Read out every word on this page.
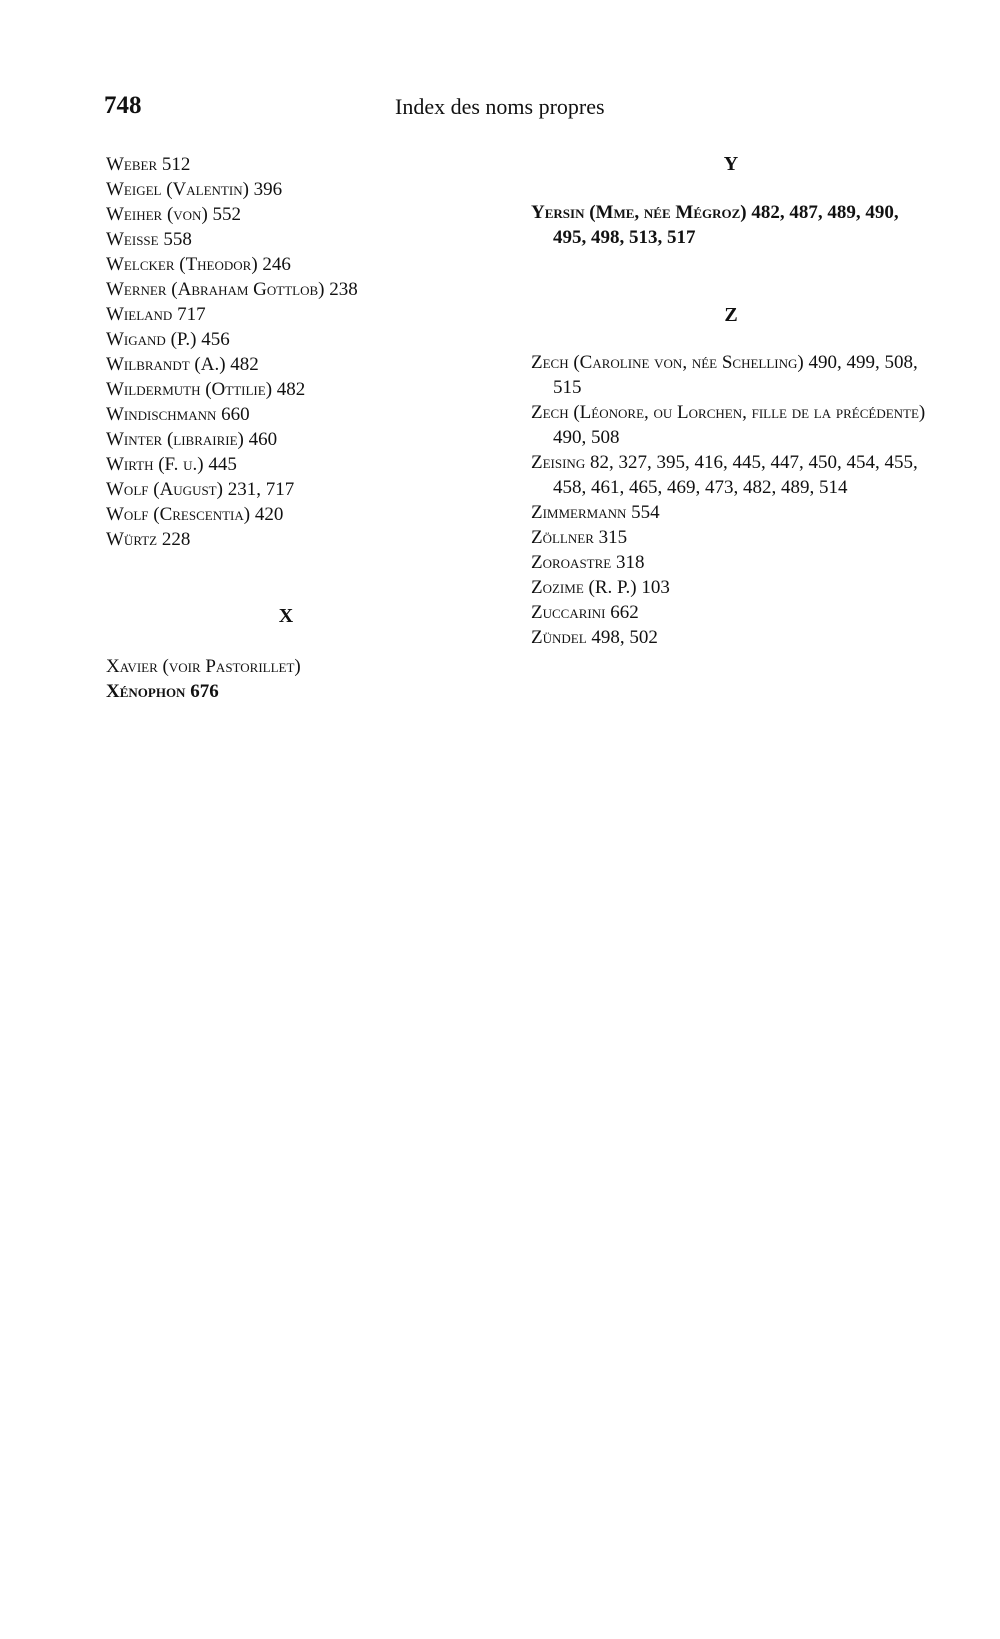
748	Index des noms propres

Weber 512

Weigel (Valentin) 396

Weiher (von) 552

Weisse 558

Welcker (Theodor) 246

Werner (Abraham Gottlob) 238

Wieland 717

Wigand (P.) 456

Wilbrandt (A.) 482

Wildermuth (Ottilie) 482

Windischmann 660

Winter (librairie) 460

Wirth (F. u.) 445

Wolf (August) 231, 717

Wolf (Crescentia) 420

Würtz 228

X

Xavier (voir Pastorillet)

Xénophon 676

Y

Yersin (Mme, née Mégroz) 482, 487, 489, 490, 495, 498, 513, 517

Z

Zech (Caroline von, née Schelling) 490, 499, 508, 515

Zech (Léonore, ou Lorchen, fille de la précédente) 490, 508

Zeising 82, 327, 395, 416, 445, 447, 450, 454, 455, 458, 461, 465, 469, 473, 482, 489, 514

Zimmermann 554

Zöllner 315

Zoroastre 318

Zozime (R. P.) 103

Zuccarini 662

Zündel 498, 502
